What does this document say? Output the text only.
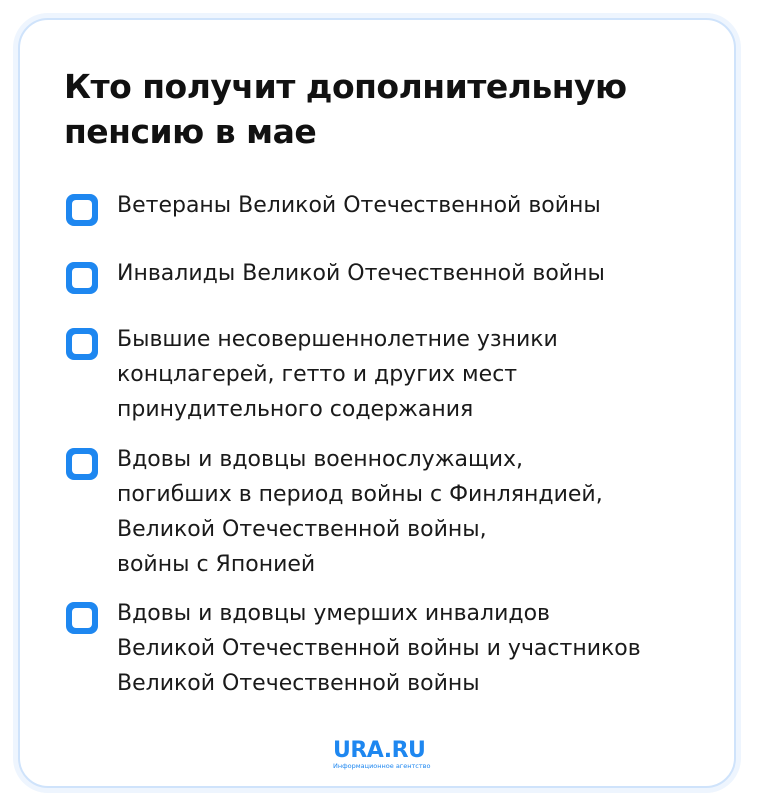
Кто получит дополнительную
пенсию в мае
Ветераны Великой Отечественной войны
Инвалиды Великой Отечественной войны
Бывшие несовершеннолетние узники
концлагерей, гетто и других мест
принудительного содержания
Вдовы и вдовцы военнослужащих,
погибших в период войны с Финляндией,
Великой Отечественной войны,
войны с Японией
Вдовы и вдовцы умерших инвалидов
Великой Отечественной войны и участников
Великой Отечественной войны
URA.RU
Информационное агентство
